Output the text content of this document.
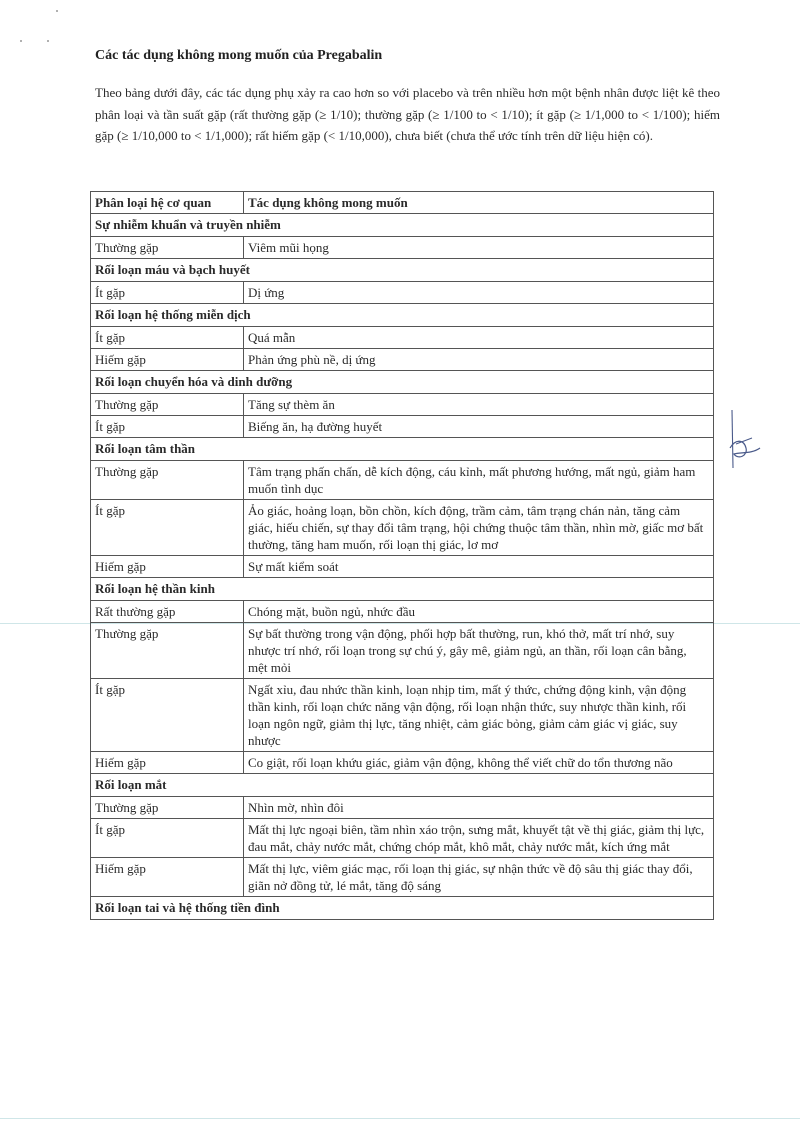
Các tác dụng không mong muốn của Pregabalin
Theo bảng dưới đây, các tác dụng phụ xảy ra cao hơn so với placebo và trên nhiều hơn một bệnh nhân được liệt kê theo phân loại và tần suất gặp (rất thường gặp (≥ 1/10); thường gặp (≥ 1/100 to < 1/10); ít gặp (≥ 1/1,000 to < 1/100); hiếm gặp (≥ 1/10,000 to < 1/1,000); rất hiếm gặp (< 1/10,000), chưa biết (chưa thể ước tính trên dữ liệu hiện có).
Phân loại hệ cơ quan	Tác dụng không mong muốn
Sự nhiễm khuẩn và truyền nhiễm	
Thường gặp	Viêm mũi họng
Rối loạn máu và bạch huyết	
Ít gặp	Dị ứng
Rối loạn hệ thống miễn dịch	
Ít gặp	Quá mẫn
Hiếm gặp	Phản ứng phù nề, dị ứng
Rối loạn chuyển hóa và dinh dưỡng	
Thường gặp	Tăng sự thèm ăn
Ít gặp	Biếng ăn, hạ đường huyết
Rối loạn tâm thần	
Thường gặp	Tâm trạng phấn chấn, dễ kích động, cáu kỉnh, mất phương hướng, mất ngủ, giảm ham muốn tình dục
Ít gặp	Ảo giác, hoảng loạn, bồn chồn, kích động, trầm cảm, tâm trạng chán nản, tăng cảm giác, hiếu chiến, sự thay đổi tâm trạng, hội chứng thuộc tâm thần, nhìn mờ, giấc mơ bất thường, tăng ham muốn, rối loạn thị giác, lơ mơ
Hiếm gặp	Sự mất kiểm soát
Rối loạn hệ thần kinh	
Rất thường gặp	Chóng mặt, buồn ngủ, nhức đầu
Thường gặp	Sự bất thường trong vận động, phối hợp bất thường, run, khó thở, mất trí nhớ, suy nhược trí nhớ, rối loạn trong sự chú ý, gây mê, giảm ngủ, an thần, rối loạn cân bằng, mệt mỏi
Ít gặp	Ngất xỉu, đau nhức thần kinh, loạn nhịp tim, mất ý thức, chứng động kinh, vận động thần kinh, rối loạn chức năng vận động, rối loạn nhận thức, suy nhược thần kinh, rối loạn ngôn ngữ, giảm thị lực, tăng nhiệt, cảm giác bỏng, giảm cảm giác vị giác, suy nhược
Hiếm gặp	Co giật, rối loạn khứu giác, giảm vận động, không thể viết chữ do tổn thương não
Rối loạn mắt	
Thường gặp	Nhìn mờ, nhìn đôi
Ít gặp	Mất thị lực ngoại biên, tầm nhìn xáo trộn, sưng mắt, khuyết tật về thị giác, giảm thị lực, đau mắt, chảy nước mắt, chứng chóp mắt, khô mắt, chảy nước mắt, kích ứng mắt
Hiếm gặp	Mất thị lực, viêm giác mạc, rối loạn thị giác, sự nhận thức về độ sâu thị giác thay đổi, giãn nở đồng tử, lé mắt, tăng độ sáng
Rối loạn tai và hệ thống tiền đình	
